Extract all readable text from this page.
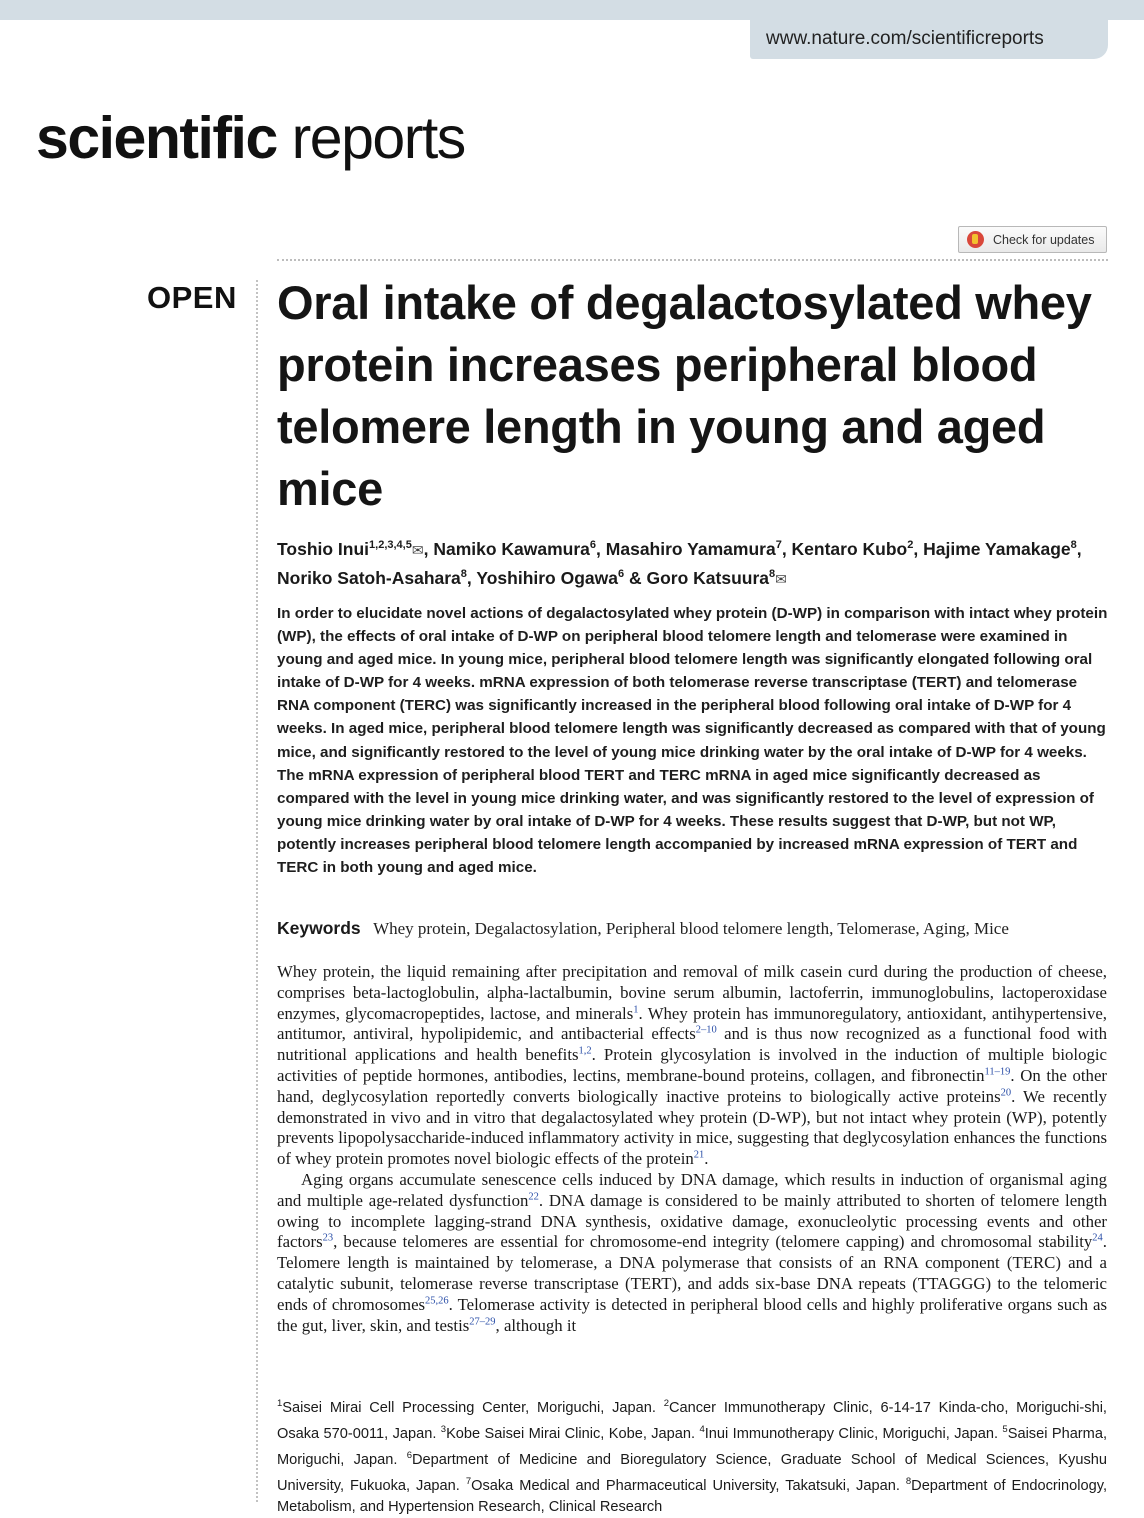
www.nature.com/scientificreports
scientific reports
Check for updates
OPEN Oral intake of degalactosylated whey protein increases peripheral blood telomere length in young and aged mice

Toshio Inui$^{1,2,3,4,5}$✉, Namiko Kawamura$^6$, Masahiro Yamamura$^7$, Kentaro Kubo$^2$, Hajime Yamakage$^8$, Noriko Satoh-Asahara$^8$, Yoshihiro Ogawa$^6$ & Goro Katsuura$^8$✉

In order to elucidate novel actions of degalactosylated whey protein (D-WP) in comparison with intact whey protein (WP), the effects of oral intake of D-WP on peripheral blood telomere length and telomerase were examined in young and aged mice. In young mice, peripheral blood telomere length was significantly elongated following oral intake of D-WP for 4 weeks. mRNA expression of both telomerase reverse transcriptase (TERT) and telomerase RNA component (TERC) was significantly increased in the peripheral blood following oral intake of D-WP for 4 weeks. In aged mice, peripheral blood telomere length was significantly decreased as compared with that of young mice, and significantly restored to the level of young mice drinking water by the oral intake of D-WP for 4 weeks. The mRNA expression of peripheral blood TERT and TERC mRNA in aged mice significantly decreased as compared with the level in young mice drinking water, and was significantly restored to the level of expression of young mice drinking water by oral intake of D-WP for 4 weeks. These results suggest that D-WP, but not WP, potently increases peripheral blood telomere length accompanied by increased mRNA expression of TERT and TERC in both young and aged mice.

Keywords Whey protein, Degalactosylation, Peripheral blood telomere length, Telomerase, Aging, Mice

Whey protein, the liquid remaining after precipitation and removal of milk casein curd during the production of cheese, comprises beta-lactoglobulin, alpha-lactalbumin, bovine serum albumin, lactoferrin, immunoglobulins, lactoperoxidase enzymes, glycomacropeptides, lactose, and minerals$^1$. Whey protein has immunoregulatory, antioxidant, antihypertensive, antitumor, antiviral, hypolipidemic, and antibacterial effects$^{2-10}$ and is thus now recognized as a functional food with nutritional applications and health benefits$^{1,2}$. Protein glycosylation is involved in the induction of multiple biologic activities of peptide hormones, antibodies, lectins, membrane-bound proteins, collagen, and fibronectin$^{11-19}$. On the other hand, deglycosylation reportedly converts biologically inactive proteins to biologically active proteins$^{20}$. We recently demonstrated in vivo and in vitro that degalactosylated whey protein (D-WP), but not intact whey protein (WP), potently prevents lipopolysaccharide-induced inflammatory activity in mice, suggesting that deglycosylation enhances the functions of whey protein promotes novel biologic effects of the protein$^{21}$.

Aging organs accumulate senescence cells induced by DNA damage, which results in induction of organismal aging and multiple age-related dysfunction$^{22}$. DNA damage is considered to be mainly attributed to shorten of telomere length owing to incomplete lagging-strand DNA synthesis, oxidative damage, exonucleolytic processing events and other factors$^{23}$, because telomeres are essential for chromosome-end integrity (telomere capping) and chromosomal stability$^{24}$. Telomere length is maintained by telomerase, a DNA polymerase that consists of an RNA component (TERC) and a catalytic subunit, telomerase reverse transcriptase (TERT), and adds six-base DNA repeats (TTAGGG) to the telomeric ends of chromosomes$^{25,26}$. Telomerase activity is detected in peripheral blood cells and highly proliferative organs such as the gut, liver, skin, and testis$^{27-29}$, although it

$^1$Saisei Mirai Cell Processing Center, Moriguchi, Japan. $^2$Cancer Immunotherapy Clinic, 6-14-17 Kinda-cho, Moriguchi-shi, Osaka 570-0011, Japan. $^3$Kobe Saisei Mirai Clinic, Kobe, Japan. $^4$Inui Immunotherapy Clinic, Moriguchi, Japan. $^5$Saisei Pharma, Moriguchi, Japan. $^6$Department of Medicine and Bioregulatory Science, Graduate School of Medical Sciences, Kyushu University, Fukuoka, Japan. $^7$Osaka Medical and Pharmaceutical University, Takatsuki, Japan. $^8$Department of Endocrinology, Metabolism, and Hypertension Research, Clinical Research
